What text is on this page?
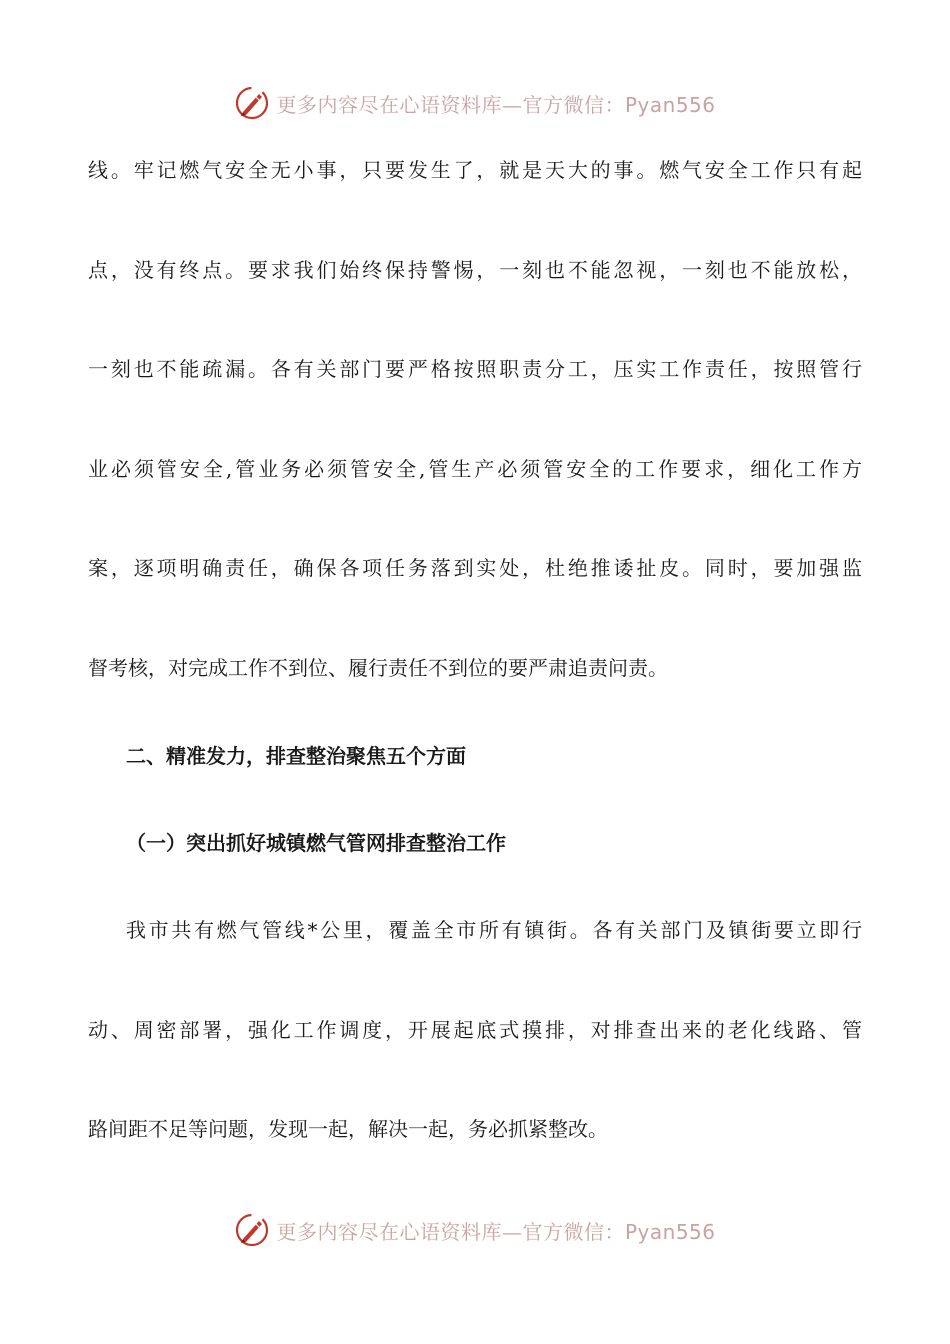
更多内容尽在心语资料库—官方微信：Pyan556
线。牢记燃气安全无小事，只要发生了，就是天大的事。燃气安全工作只有起
点，没有终点。要求我们始终保持警惕，一刻也不能忽视，一刻也不能放松，
一刻也不能疏漏。各有关部门要严格按照职责分工，压实工作责任，按照管行
业必须管安全,管业务必须管安全,管生产必须管安全的工作要求，细化工作方
案，逐项明确责任，确保各项任务落到实处，杜绝推诿扯皮。同时，要加强监
督考核，对完成工作不到位、履行责任不到位的要严肃追责问责。
二、精准发力，排查整治聚焦五个方面
（一）突出抓好城镇燃气管网排查整治工作
我市共有燃气管线*公里，覆盖全市所有镇街。各有关部门及镇街要立即行
动、周密部署，强化工作调度，开展起底式摸排，对排查出来的老化线路、管
路间距不足等问题，发现一起，解决一起，务必抓紧整改。
更多内容尽在心语资料库—官方微信：Pyan556
